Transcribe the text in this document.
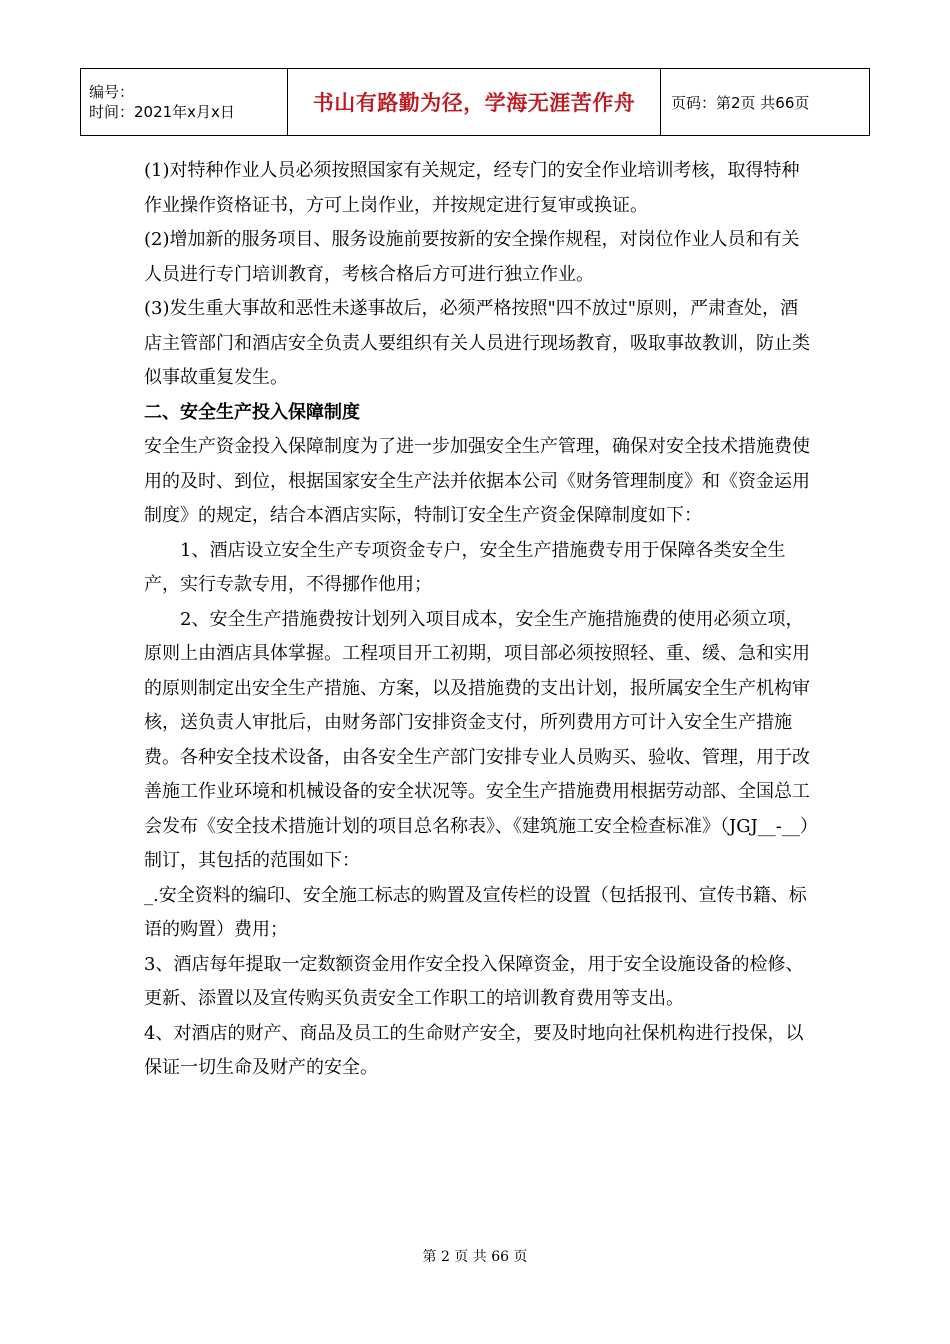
编号：
时间：2021年x月x日	书山有路勤为径，学海无涯苦作舟	页码：第2页 共66页

(1)对特种作业人员必须按照国家有关规定，经专门的安全作业培训考核，取得特种作业操作资格证书，方可上岗作业，并按规定进行复审或换证。

(2)增加新的服务项目、服务设施前要按新的安全操作规程，对岗位作业人员和有关人员进行专门培训教育，考核合格后方可进行独立作业。

(3)发生重大事故和恶性未遂事故后，必须严格按照"四不放过"原则，严肃查处，酒店主管部门和酒店安全负责人要组织有关人员进行现场教育，吸取事故教训，防止类似事故重复发生。

二、安全生产投入保障制度

安全生产资金投入保障制度为了进一步加强安全生产管理，确保对安全技术措施费使用的及时、到位，根据国家安全生产法并依据本公司《财务管理制度》和《资金运用制度》的规定，结合本酒店实际，特制订安全生产资金保障制度如下：

1、酒店设立安全生产专项资金专户，安全生产措施费专用于保障各类安全生产，实行专款专用，不得挪作他用；

2、安全生产措施费按计划列入项目成本，安全生产施措施费的使用必须立项，原则上由酒店具体掌握。工程项目开工初期，项目部必须按照轻、重、缓、急和实用的原则制定出安全生产措施、方案，以及措施费的支出计划，报所属安全生产机构审核，送负责人审批后，由财务部门安排资金支付，所列费用方可计入安全生产措施费。各种安全技术设备，由各安全生产部门安排专业人员购买、验收、管理，用于改善施工作业环境和机械设备的安全状况等。安全生产措施费用根据劳动部、全国总工会发布《安全技术措施计划的项目总名称表》、《建筑施工安全检查标准》（JGJ__-__）制订，其包括的范围如下：

_.安全资料的编印、安全施工标志的购置及宣传栏的设置（包括报刊、宣传书籍、标语的购置）费用；

3、酒店每年提取一定数额资金用作安全投入保障资金，用于安全设施设备的检修、更新、添置以及宣传购买负责安全工作职工的培训教育费用等支出。

4、对酒店的财产、商品及员工的生命财产安全，要及时地向社保机构进行投保，以保证一切生命及财产的安全。

第 2 页 共 66 页
